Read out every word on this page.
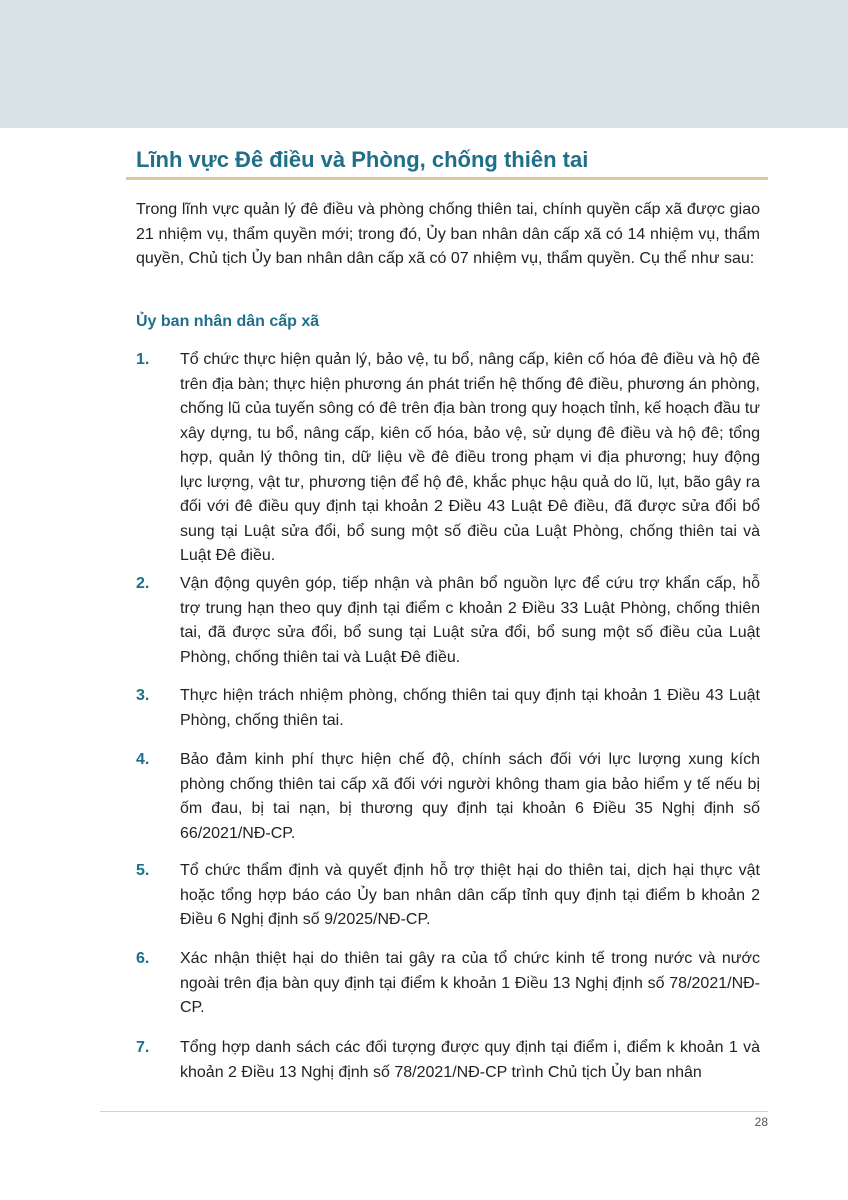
Lĩnh vực Đê điều và Phòng, chống thiên tai

Trong lĩnh vực quản lý đê điều và phòng chống thiên tai, chính quyền cấp xã được giao 21 nhiệm vụ, thẩm quyền mới; trong đó, Ủy ban nhân dân cấp xã có 14 nhiệm vụ, thẩm quyền, Chủ tịch Ủy ban nhân dân cấp xã có 07 nhiệm vụ, thẩm quyền. Cụ thể như sau:

Ủy ban nhân dân cấp xã
1.	Tổ chức thực hiện quản lý, bảo vệ, tu bổ, nâng cấp, kiên cố hóa đê điều và hộ đê trên địa bàn; thực hiện phương án phát triển hệ thống đê điều, phương án phòng, chống lũ của tuyến sông có đê trên địa bàn trong quy hoạch tỉnh, kế hoạch đầu tư xây dựng, tu bổ, nâng cấp, kiên cố hóa, bảo vệ, sử dụng đê điều và hộ đê; tổng hợp, quản lý thông tin, dữ liệu về đê điều trong phạm vi địa phương; huy động lực lượng, vật tư, phương tiện để hộ đê, khắc phục hậu quả do lũ, lụt, bão gây ra đối với đê điều quy định tại khoản 2 Điều 43 Luật Đê điều, đã được sửa đổi bổ sung tại Luật sửa đổi, bổ sung một số điều của Luật Phòng, chống thiên tai và Luật Đê điều.

2.	Vận động quyên góp, tiếp nhận và phân bổ nguồn lực để cứu trợ khẩn cấp, hỗ trợ trung hạn theo quy định tại điểm c khoản 2 Điều 33 Luật Phòng, chống thiên tai, đã được sửa đổi, bổ sung tại Luật sửa đổi, bổ sung một số điều của Luật Phòng, chống thiên tai và Luật Đê điều.

3.	Thực hiện trách nhiệm phòng, chống thiên tai quy định tại khoản 1 Điều 43 Luật Phòng, chống thiên tai.

4.	Bảo đảm kinh phí thực hiện chế độ, chính sách đối với lực lượng xung kích phòng chống thiên tai cấp xã đối với người không tham gia bảo hiểm y tế nếu bị ốm đau, bị tai nạn, bị thương quy định tại khoản 6 Điều 35 Nghị định số 66/2021/NĐ-CP.

5.	Tổ chức thẩm định và quyết định hỗ trợ thiệt hại do thiên tai, dịch hại thực vật hoặc tổng hợp báo cáo Ủy ban nhân dân cấp tỉnh quy định tại điểm b khoản 2 Điều 6 Nghị định số 9/2025/NĐ-CP.

6.	Xác nhận thiệt hại do thiên tai gây ra của tổ chức kinh tế trong nước và nước ngoài trên địa bàn quy định tại điểm k khoản 1 Điều 13 Nghị định số 78/2021/NĐ-CP.

7.	Tổng hợp danh sách các đối tượng được quy định tại điểm i, điểm k khoản 1 và khoản 2 Điều 13 Nghị định số 78/2021/NĐ-CP trình Chủ tịch Ủy ban nhân

28
